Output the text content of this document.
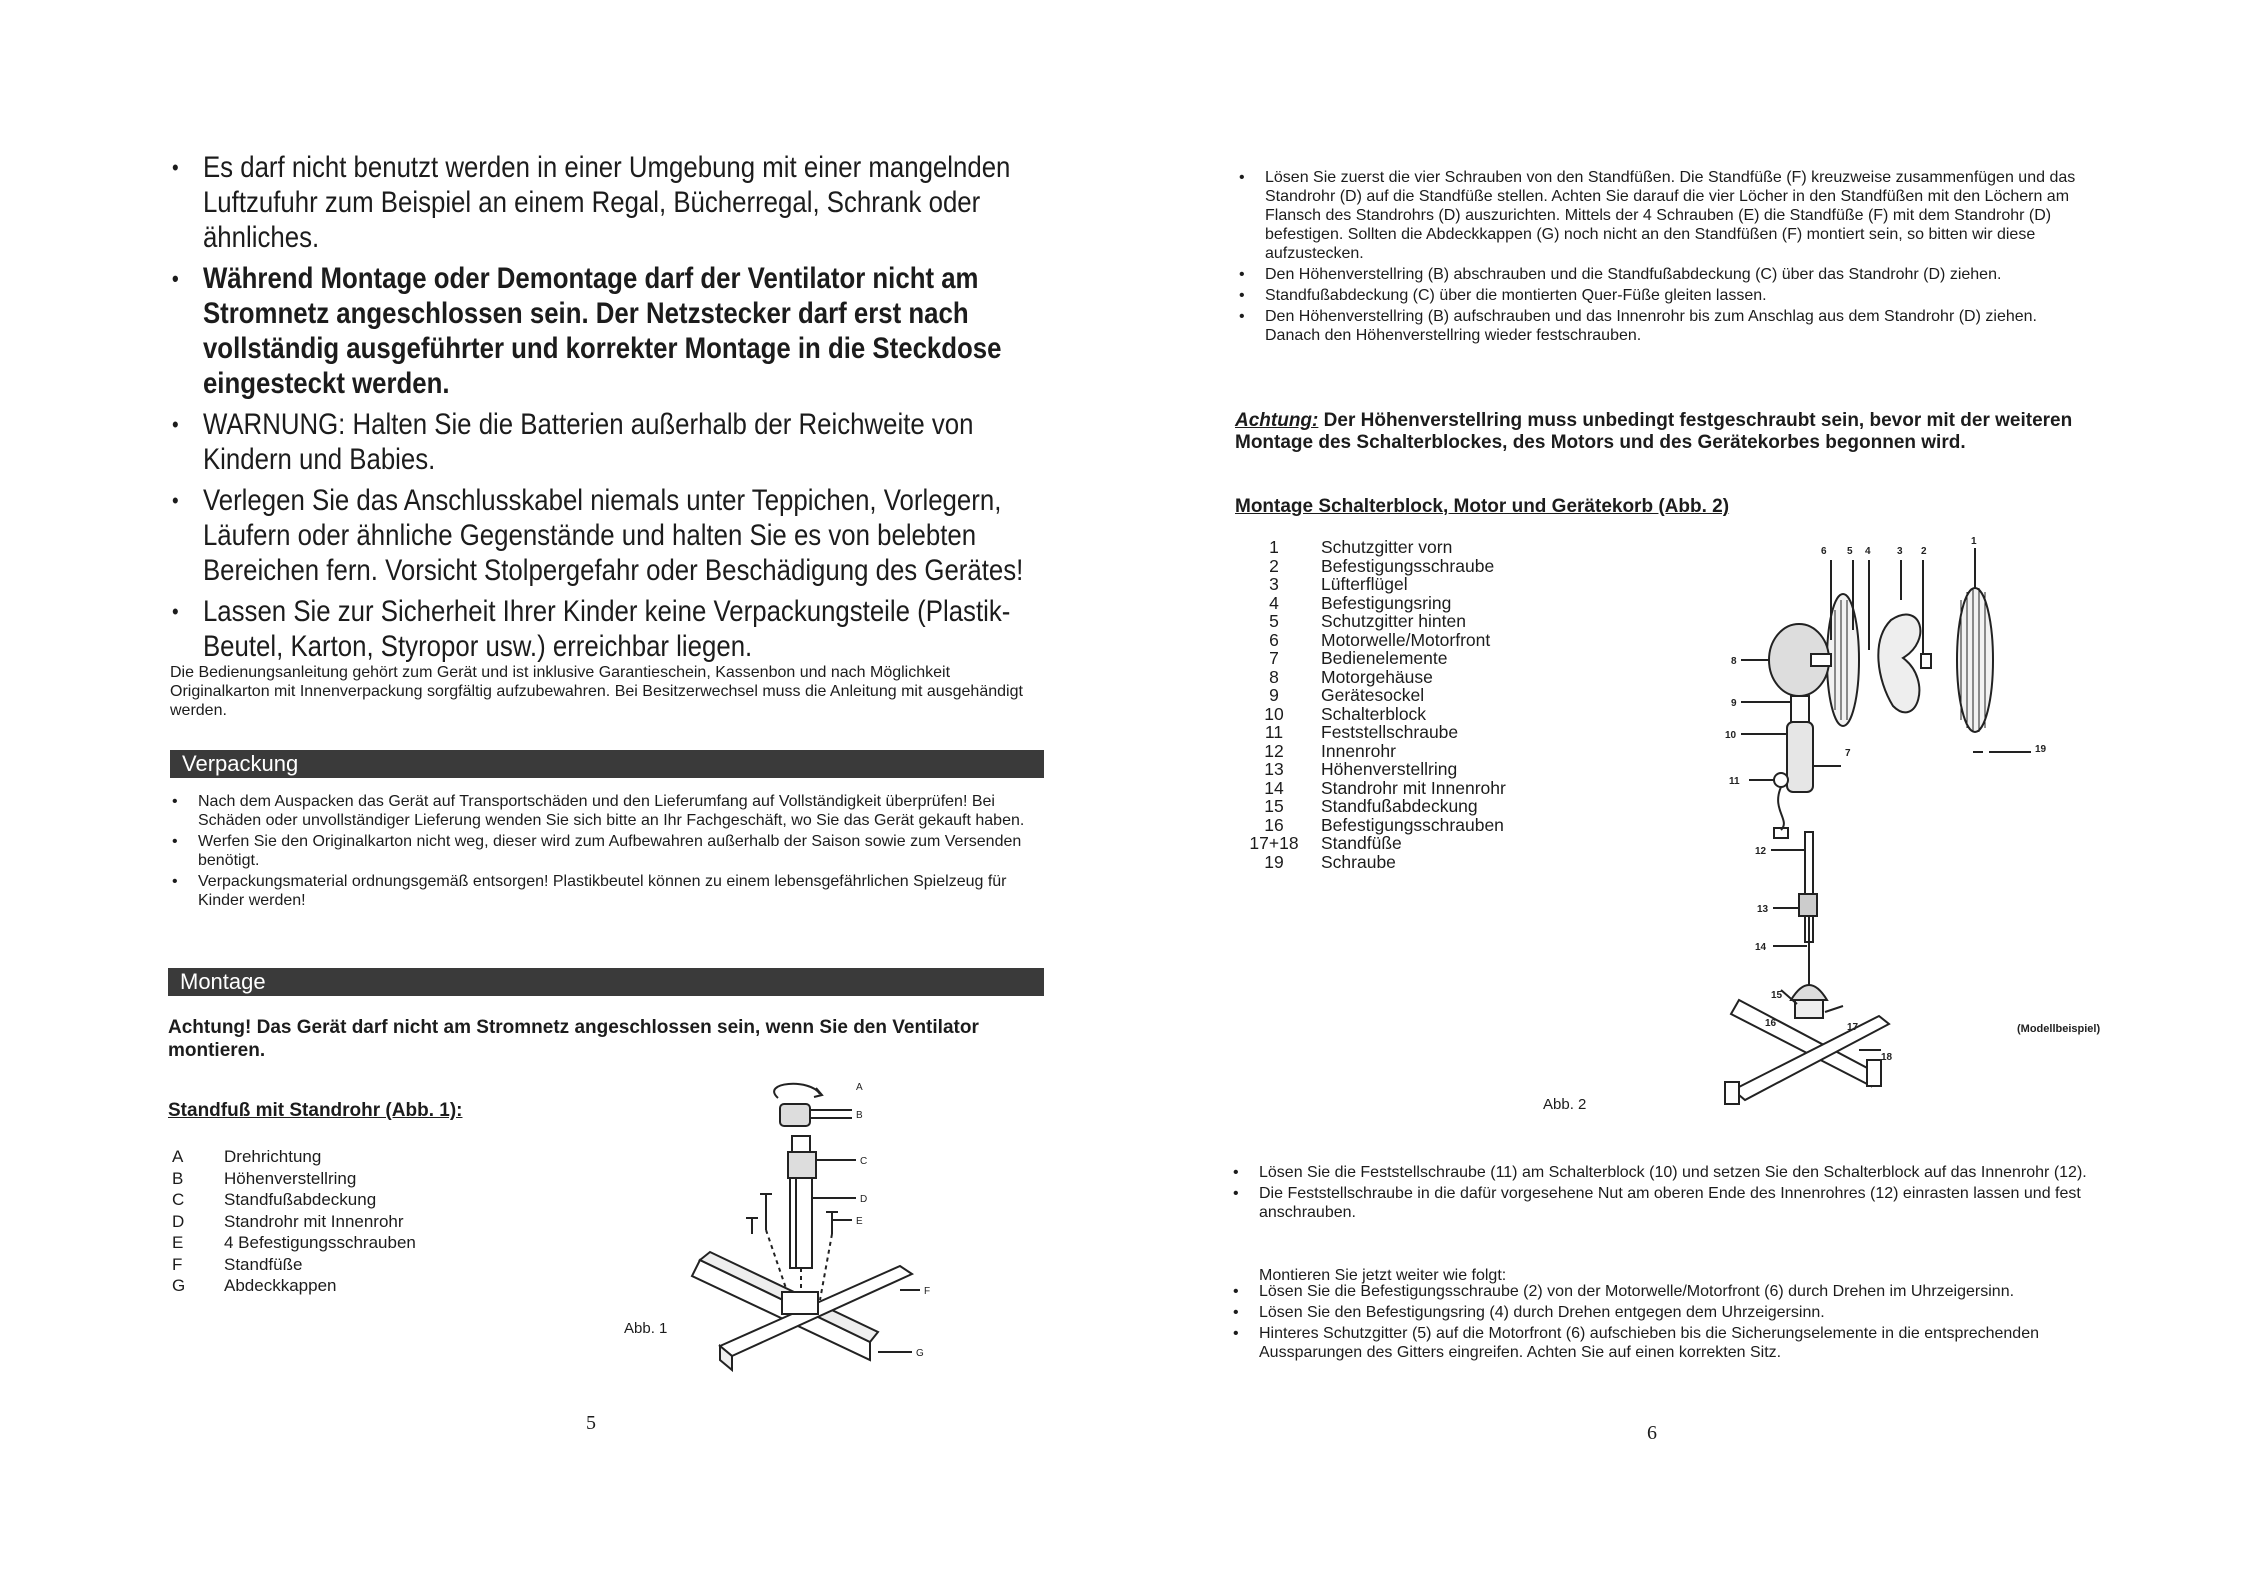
• Es darf nicht benutzt werden in einer Umgebung mit einer mangelnden Luftzufuhr zum Beispiel an einem Regal, Bücherregal, Schrank oder ähnliches.
• Während Montage oder Demontage darf der Ventilator nicht am Stromnetz angeschlossen sein. Der Netzstecker darf erst nach vollständig ausgeführter und korrekter Montage in die Steckdose eingesteckt werden.
• WARNUNG: Halten Sie die Batterien außerhalb der Reichweite von Kindern und Babies.
• Verlegen Sie das Anschlusskabel niemals unter Teppichen, Vorlegern, Läufern oder ähnliche Gegenstände und halten Sie es von belebten Bereichen fern. Vorsicht Stolpergefahr oder Beschädigung des Gerätes!
• Lassen Sie zur Sicherheit Ihrer Kinder keine Verpackungsteile (Plastik-Beutel, Karton, Styropor usw.) erreichbar liegen.
Die Bedienungsanleitung gehört zum Gerät und ist inklusive Garantieschein, Kassenbon und nach Möglichkeit Originalkarton mit Innenverpackung sorgfältig aufzubewahren. Bei Besitzerwechsel muss die Anleitung mit ausgehändigt werden.
Verpackung
• Nach dem Auspacken das Gerät auf Transportschäden und den Lieferumfang auf Vollständigkeit überprüfen! Bei Schäden oder unvollständiger Lieferung wenden Sie sich bitte an Ihr Fachgeschäft, wo Sie das Gerät gekauft haben.
• Werfen Sie den Originalkarton nicht weg, dieser wird zum Aufbewahren außerhalb der Saison sowie zum Versenden benötigt.
• Verpackungsmaterial ordnungsgemäß entsorgen! Plastikbeutel können zu einem lebensgefährlichen Spielzeug für Kinder werden!
Montage
Achtung! Das Gerät darf nicht am Stromnetz angeschlossen sein, wenn Sie den Ventilator montieren.
Standfuß mit Standrohr (Abb. 1):
A	Drehrichtung
B	Höhenverstellring
C	Standfußabdeckung
D	Standrohr mit Innenrohr
E	4 Befestigungsschrauben
F	Standfüße
G	Abdeckkappen
A
B
C
D
E
F
G
Abb. 1
5
• Lösen Sie zuerst die vier Schrauben von den Standfüßen. Die Standfüße (F) kreuzweise zusammenfügen und das Standrohr (D) auf die Standfüße stellen. Achten Sie darauf die vier Löcher in den Standfüßen mit den Löchern am Flansch des Standrohrs (D) auszurichten. Mittels der 4 Schrauben (E) die Standfüße (F) mit dem Standrohr (D) befestigen. Sollten die Abdeckkappen (G) noch nicht an den Standfüßen (F) montiert sein, so bitten wir diese aufzustecken.
• Den Höhenverstellring (B) abschrauben und die Standfußabdeckung (C) über das Standrohr (D) ziehen.
• Standfußabdeckung (C) über die montierten Quer-Füße gleiten lassen.
• Den Höhenverstellring (B) aufschrauben und das Innenrohr bis zum Anschlag aus dem Standrohr (D) ziehen. Danach den Höhenverstellring wieder festschrauben.
Achtung: Der Höhenverstellring muss unbedingt festgeschraubt sein, bevor mit der weiteren Montage des Schalterblockes, des Motors und des Gerätekorbes begonnen wird.
Montage Schalterblock, Motor und Gerätekorb (Abb. 2)
1	Schutzgitter vorn
2	Befestigungsschraube
3	Lüfterflügel
4	Befestigungsring
5	Schutzgitter hinten
6	Motorwelle/Motorfront
7	Bedienelemente
8	Motorgehäuse
9	Gerätesockel
10	Schalterblock
11	Feststellschraube
12	Innenrohr
13	Höhenverstellring
14	Standrohr mit Innenrohr
15	Standfußabdeckung
16	Befestigungsschrauben
17+18	Standfüße
19	Schraube
6 5 4	3 2
1
7
8
9
10
11
12
13
14
15
16	17
18
19
(Modellbeispiel)
Abb. 2
• Lösen Sie die Feststellschraube (11) am Schalterblock (10) und setzen Sie den Schalterblock auf das Innenrohr (12).
• Die Feststellschraube in die dafür vorgesehene Nut am oberen Ende des Innenrohres (12) einrasten lassen und fest anschrauben.
Montieren Sie jetzt weiter wie folgt:
• Lösen Sie die Befestigungsschraube (2) von der Motorwelle/Motorfront (6) durch Drehen im Uhrzeigersinn.
• Lösen Sie den Befestigungsring (4) durch Drehen entgegen dem Uhrzeigersinn.
• Hinteres Schutzgitter (5) auf die Motorfront (6) aufschieben bis die Sicherungselemente in die entsprechenden Aussparungen des Gitters eingreifen. Achten Sie auf einen korrekten Sitz.
6
